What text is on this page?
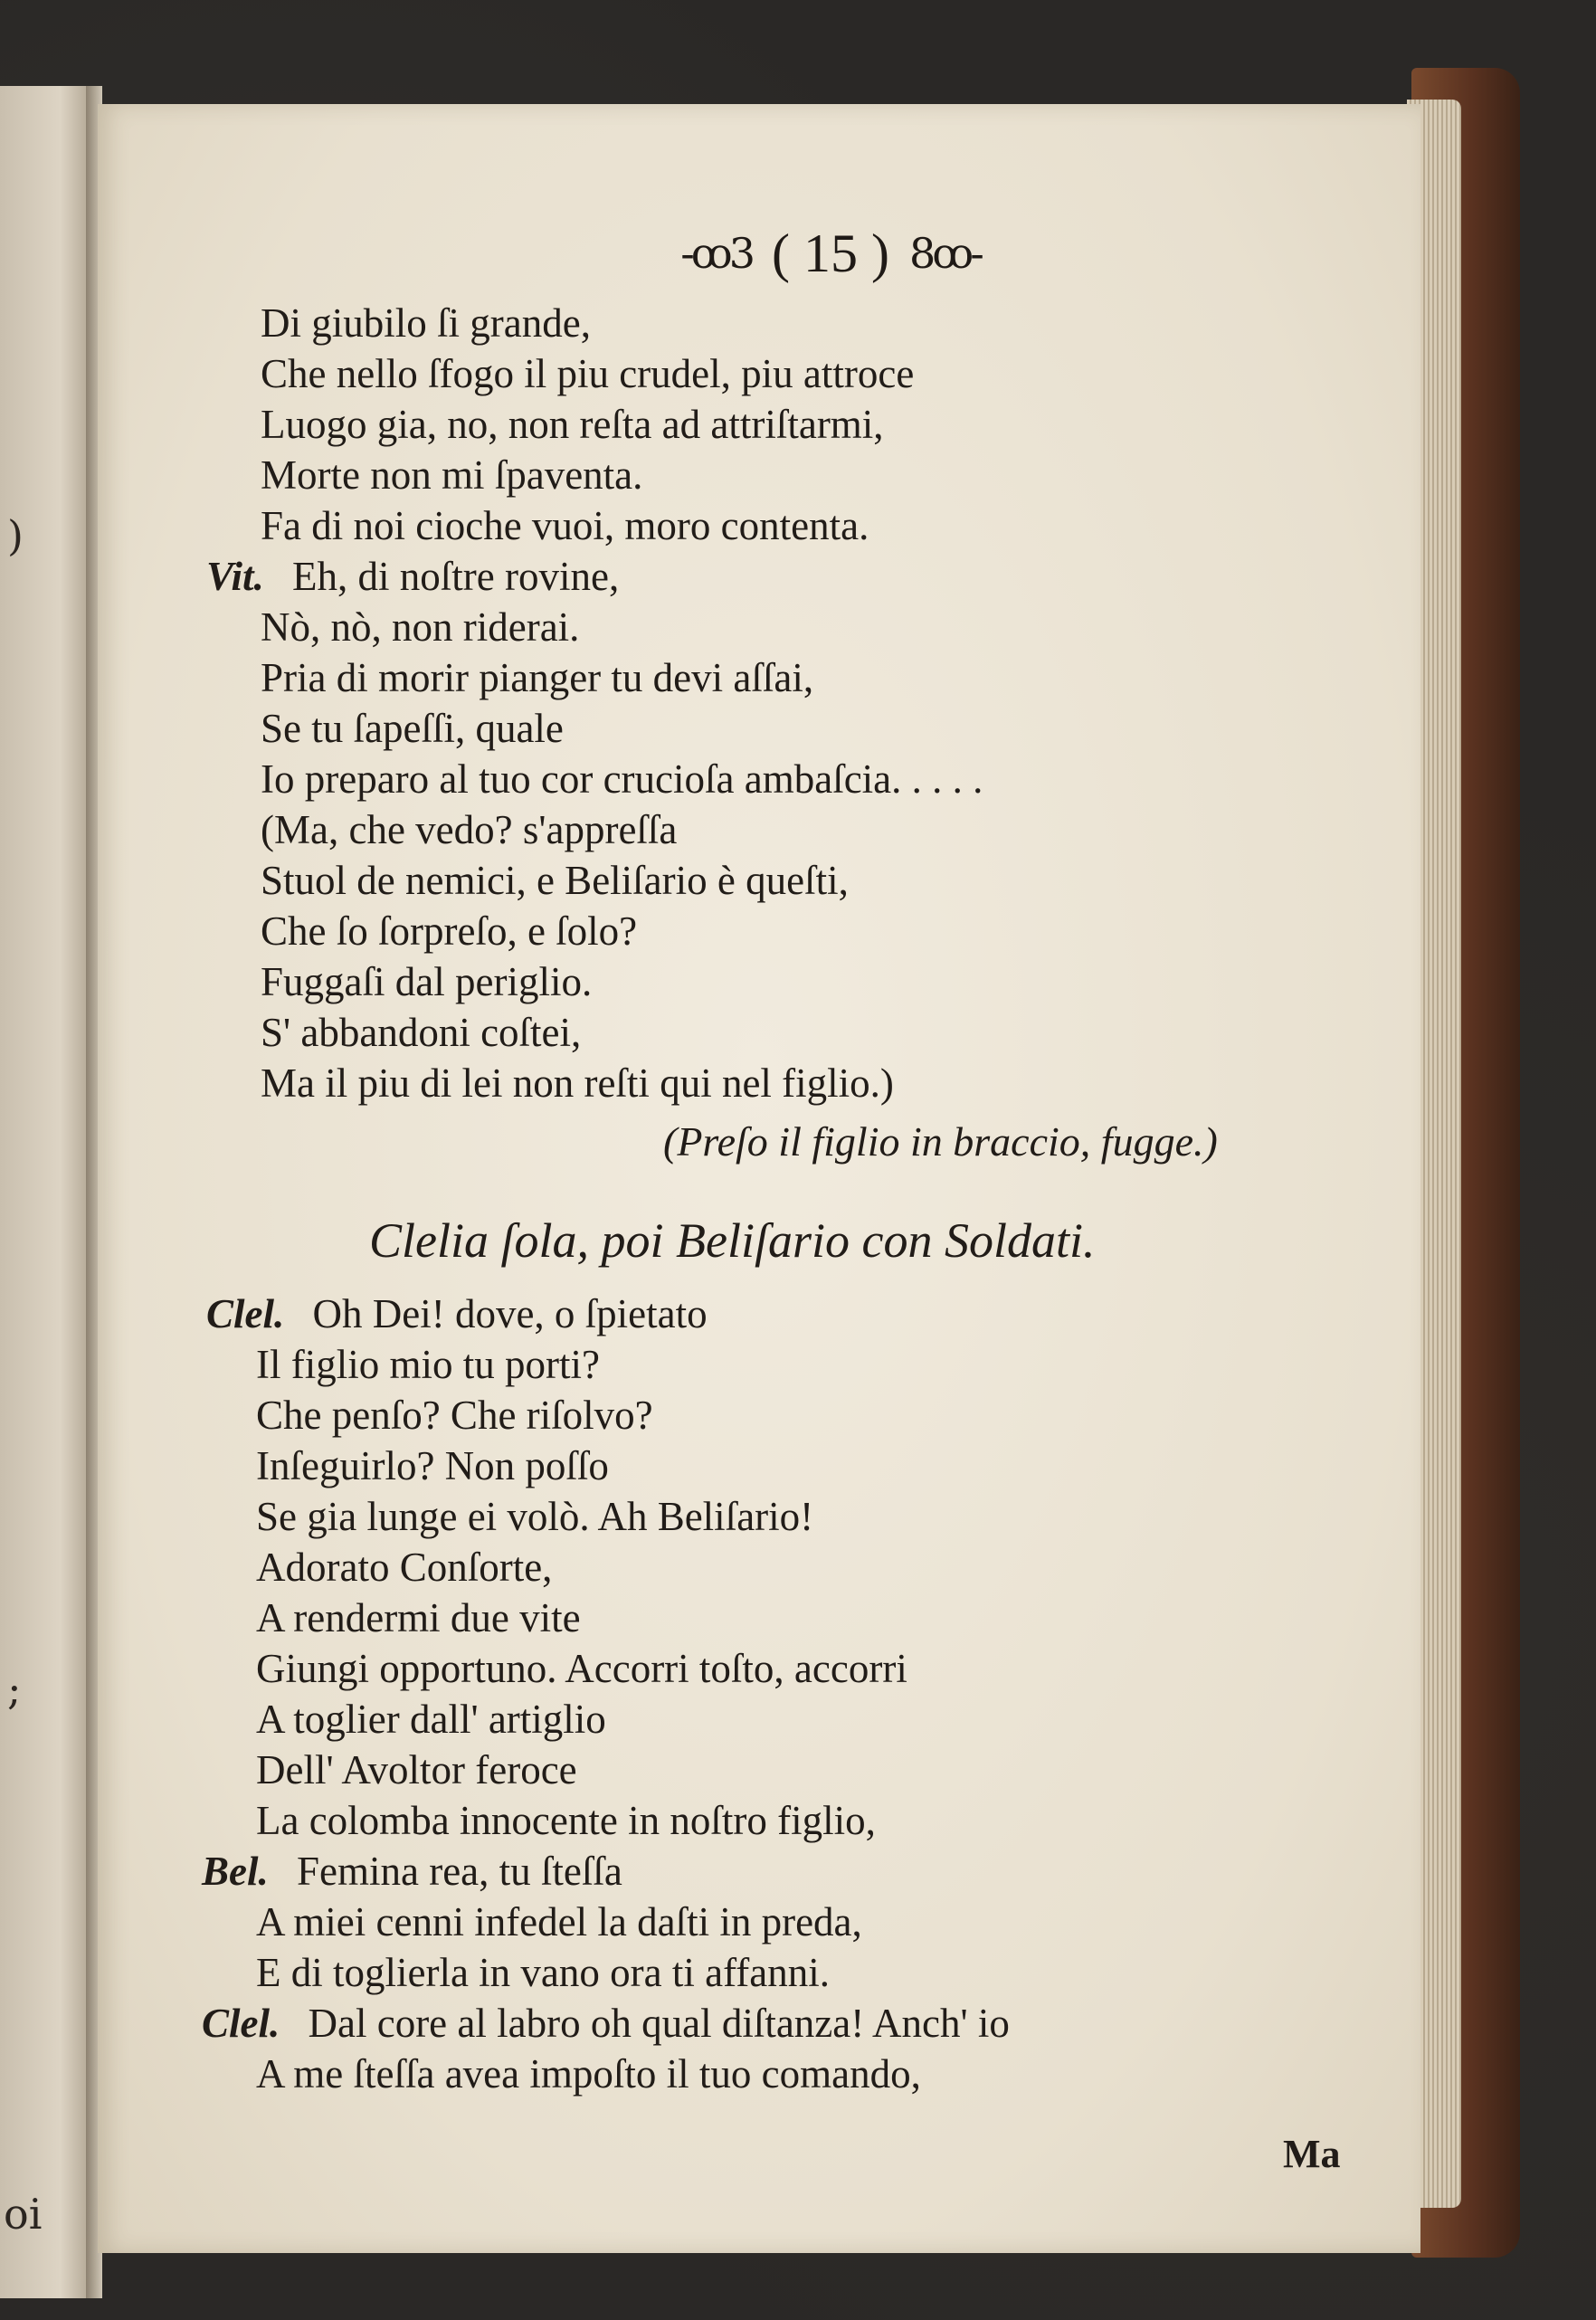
)
;
oi
-ꝏ3 ( 15 ) 8ꝏ-
Di giubilo ſi grande,
Che nello ſfogo il piu crudel, piu attroce
Luogo gia, no, non reſta ad attriſtarmi,
Morte non mi ſpaventa.
Fa di noi cioche vuoi, moro contenta.
Vit. Eh, di noſtre rovine,
Nò, nò, non riderai.
Pria di morir pianger tu devi aſſai,
Se tu ſapeſſi, quale
Io preparo al tuo cor crucioſa ambaſcia. . . . .
(Ma, che vedo? s'appreſſa
Stuol de nemici, e Beliſario è queſti,
Che ſo ſorpreſo, e ſolo?
Fuggaſi dal periglio.
S' abbandoni coſtei,
Ma il piu di lei non reſti qui nel figlio.)
(Preſo il figlio in braccio, fugge.)
Clelia ſola, poi Beliſario con Soldati.
Clel. Oh Dei! dove, o ſpietato
Il figlio mio tu porti?
Che penſo? Che riſolvo?
Inſeguirlo? Non poſſo
Se gia lunge ei volò. Ah Beliſario!
Adorato Conſorte,
A rendermi due vite
Giungi opportuno. Accorri toſto, accorri
A toglier dall' artiglio
Dell' Avoltor feroce
La colomba innocente in noſtro figlio,
Bel. Femina rea, tu ſteſſa
A miei cenni infedel la daſti in preda,
E di toglierla in vano ora ti affanni.
Clel. Dal core al labro oh qual diſtanza! Anch' io
A me ſteſſa avea impoſto il tuo comando,
Ma
